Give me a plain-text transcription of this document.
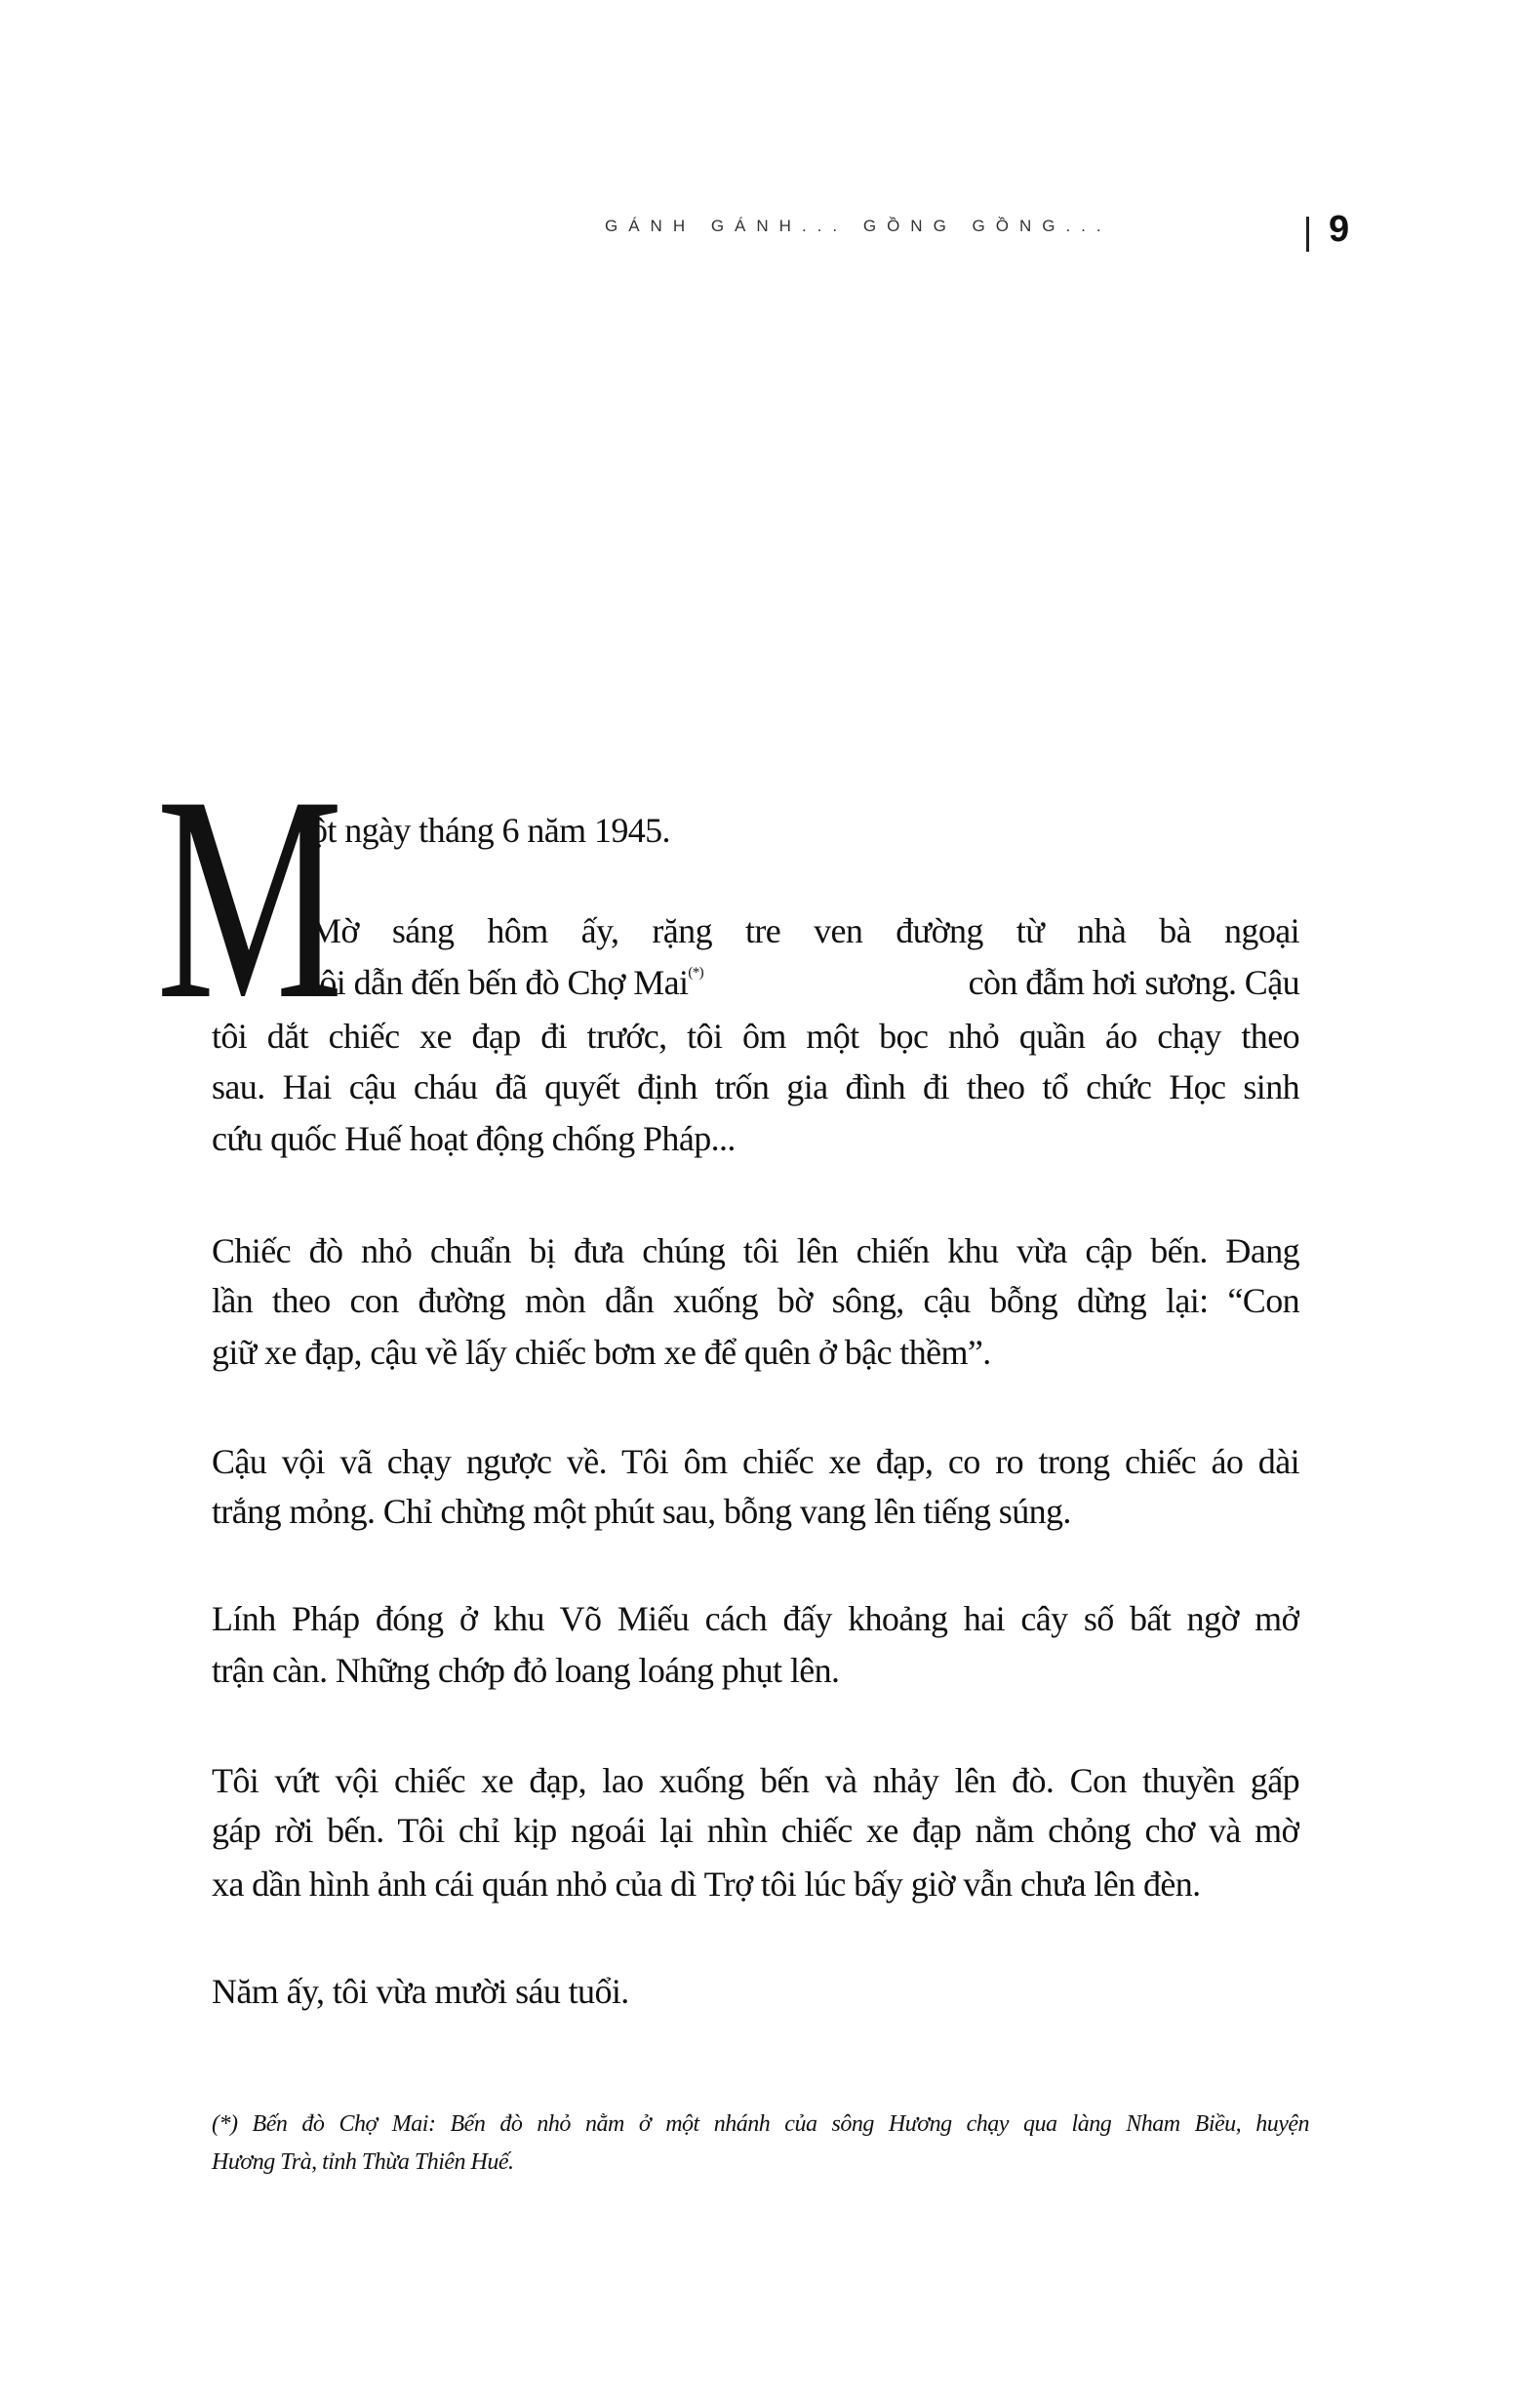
GÁNH GÁNH... GỒNG GỒNG...	9
M
ột ngày tháng 6 năm 1945.
Mờ sáng hôm ấy, rặng tre ven đường từ nhà bà ngoại
tôi dẫn đến bến đò Chợ Mai(*)	còn đẫm hơi sương. Cậu
tôi dắt chiếc xe đạp đi trước, tôi ôm một bọc nhỏ quần áo chạy theo
sau. Hai cậu cháu đã quyết định trốn gia đình đi theo tổ chức Học sinh
cứu quốc Huế hoạt động chống Pháp...
Chiếc đò nhỏ chuẩn bị đưa chúng tôi lên chiến khu vừa cập bến. Đang
lần theo con đường mòn dẫn xuống bờ sông, cậu bỗng dừng lại: “Con
giữ xe đạp, cậu về lấy chiếc bơm xe để quên ở bậc thềm”.
Cậu vội vã chạy ngược về. Tôi ôm chiếc xe đạp, co ro trong chiếc áo dài
trắng mỏng. Chỉ chừng một phút sau, bỗng vang lên tiếng súng.
Lính Pháp đóng ở khu Võ Miếu cách đấy khoảng hai cây số bất ngờ mở
trận càn. Những chớp đỏ loang loáng phụt lên.
Tôi vứt vội chiếc xe đạp, lao xuống bến và nhảy lên đò. Con thuyền gấp
gáp rời bến. Tôi chỉ kịp ngoái lại nhìn chiếc xe đạp nằm chỏng chơ và mờ
xa dần hình ảnh cái quán nhỏ của dì Trợ tôi lúc bấy giờ vẫn chưa lên đèn.
Năm ấy, tôi vừa mười sáu tuổi.
(*) Bến đò Chợ Mai: Bến đò nhỏ nằm ở một nhánh của sông Hương chạy qua làng Nham Biều, huyện
Hương Trà, tỉnh Thừa Thiên Huế.
